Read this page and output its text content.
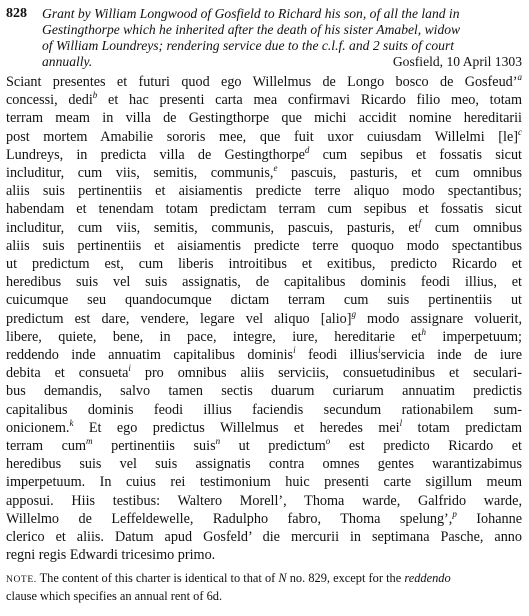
828	Grant by William Longwood of Gosfield to Richard his son, of all the land in
Gestingthorpe which he inherited after the death of his sister Amabel, widow
of William Loundreys; rendering service due to the c.l.f. and 2 suits of court
annually.	Gosfield, 10 April 1303
Sciant presentes et futuri quod ego Willelmus de Longo bosco de Gosfeud’$^a$
concessi, dedi$^b$ et hac presenti carta mea confirmavi Ricardo filio meo, totam
terram meam in villa de Gestingthorpe que michi accidit nomine hereditarii
post mortem Amabilie sororis mee, que fuit uxor cuiusdam Willelmi [le]$^c$
Lundreys, in predicta villa de Gestingthorpe$^d$ cum sepibus et fossatis sicut
includitur, cum viis, semitis, communis,$^e$ pascuis, pasturis, et cum omnibus
aliis suis pertinentiis et aisiamentis predicte terre aliquo modo spectantibus;
habendam et tenendam totam predictam terram cum sepibus et fossatis sicut
includitur, cum viis, semitis, communis, pascuis, pasturis, $et^f$ cum omnibus
aliis suis pertinentiis et aisiamentis predicte terre quoquo modo spectantibus
ut predictum est, cum liberis introitibus et exitibus, predicto Ricardo et
heredibus suis vel suis assignatis, de capitalibus dominis feodi illius, et
cuicumque seu quandocumque dictam terram cum suis pertinentiis ut
predictum est dare, vendere, legare vel aliquo [alio]$^g$ modo assignare voluerit,
libere, quiete, bene, in pace, integre, iure, hereditarie $et^h$ imperpetuum;
reddendo inde annuatim capitalibus dominis$^i$ feodi illius$^i$servicia inde de iure
debita et consueta$^i$ pro omnibus aliis serviciis, consuetudinibus et seculari-
bus demandis, salvo tamen sectis duarum curiarum annuatim predictis
capitalibus dominis feodi illius faciendis secundum rationabilem sum-
onicionem.$^k$ Et ego predictus Willelmus et heredes mei$^l$ totam predictam
terram cum$^m$ pertinentiis suis$^n$ ut predictum$^o$ est predicto Ricardo et
heredibus suis vel suis assignatis contra omnes gentes warantizabimus
imperpetuum. In cuius rei testimonium huic presenti carte sigillum meum
apposui. Hiis testibus: Waltero Morell’, Thoma warde, Galfrido warde,
Willelmo de Leffeldewelle, Radulpho fabro, Thoma spelung’,$^p$ Iohanne
clerico et aliis. Datum apud Gosfeld’ die mercurii in septimana Pasche, anno
regni regis Edwardi tricesimo primo.
NOTE. The content of this charter is identical to that of N no. 829, except for the reddendo
clause which specifies an annual rent of 6d.
